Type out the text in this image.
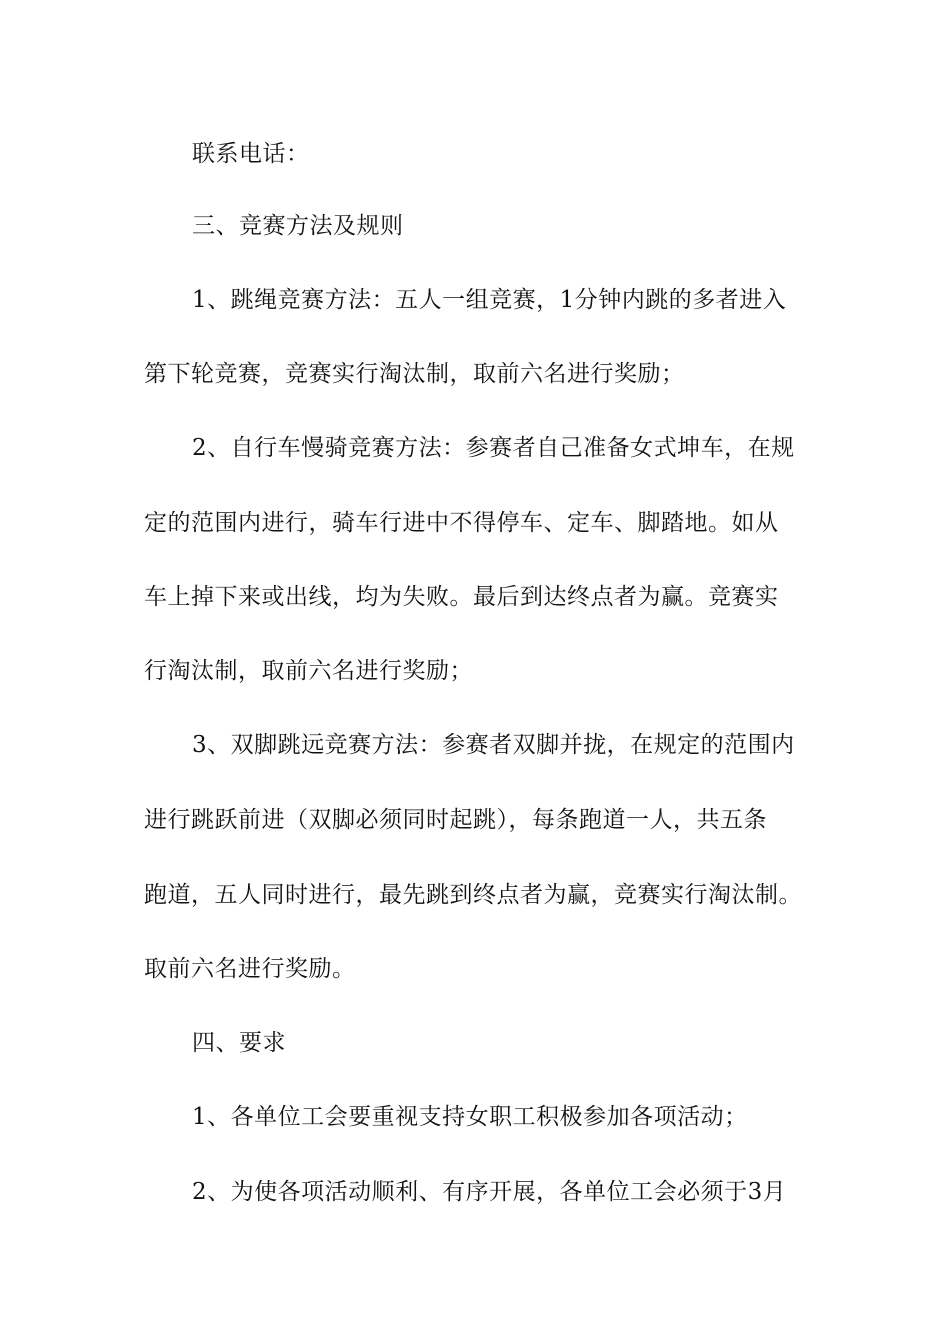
联系电话：
三、竞赛方法及规则
1、跳绳竞赛方法：五人一组竞赛，1分钟内跳的多者进入
第下轮竞赛，竞赛实行淘汰制，取前六名进行奖励；
2、自行车慢骑竞赛方法：参赛者自己准备女式坤车，在规
定的范围内进行，骑车行进中不得停车、定车、脚踏地。如从
车上掉下来或出线，均为失败。最后到达终点者为赢。竞赛实
行淘汰制，取前六名进行奖励；
3、双脚跳远竞赛方法：参赛者双脚并拢，在规定的范围内
进行跳跃前进（双脚必须同时起跳），每条跑道一人，共五条
跑道，五人同时进行，最先跳到终点者为赢，竞赛实行淘汰制。
取前六名进行奖励。
四、要求
1、各单位工会要重视支持女职工积极参加各项活动；
2、为使各项活动顺利、有序开展，各单位工会必须于3月
